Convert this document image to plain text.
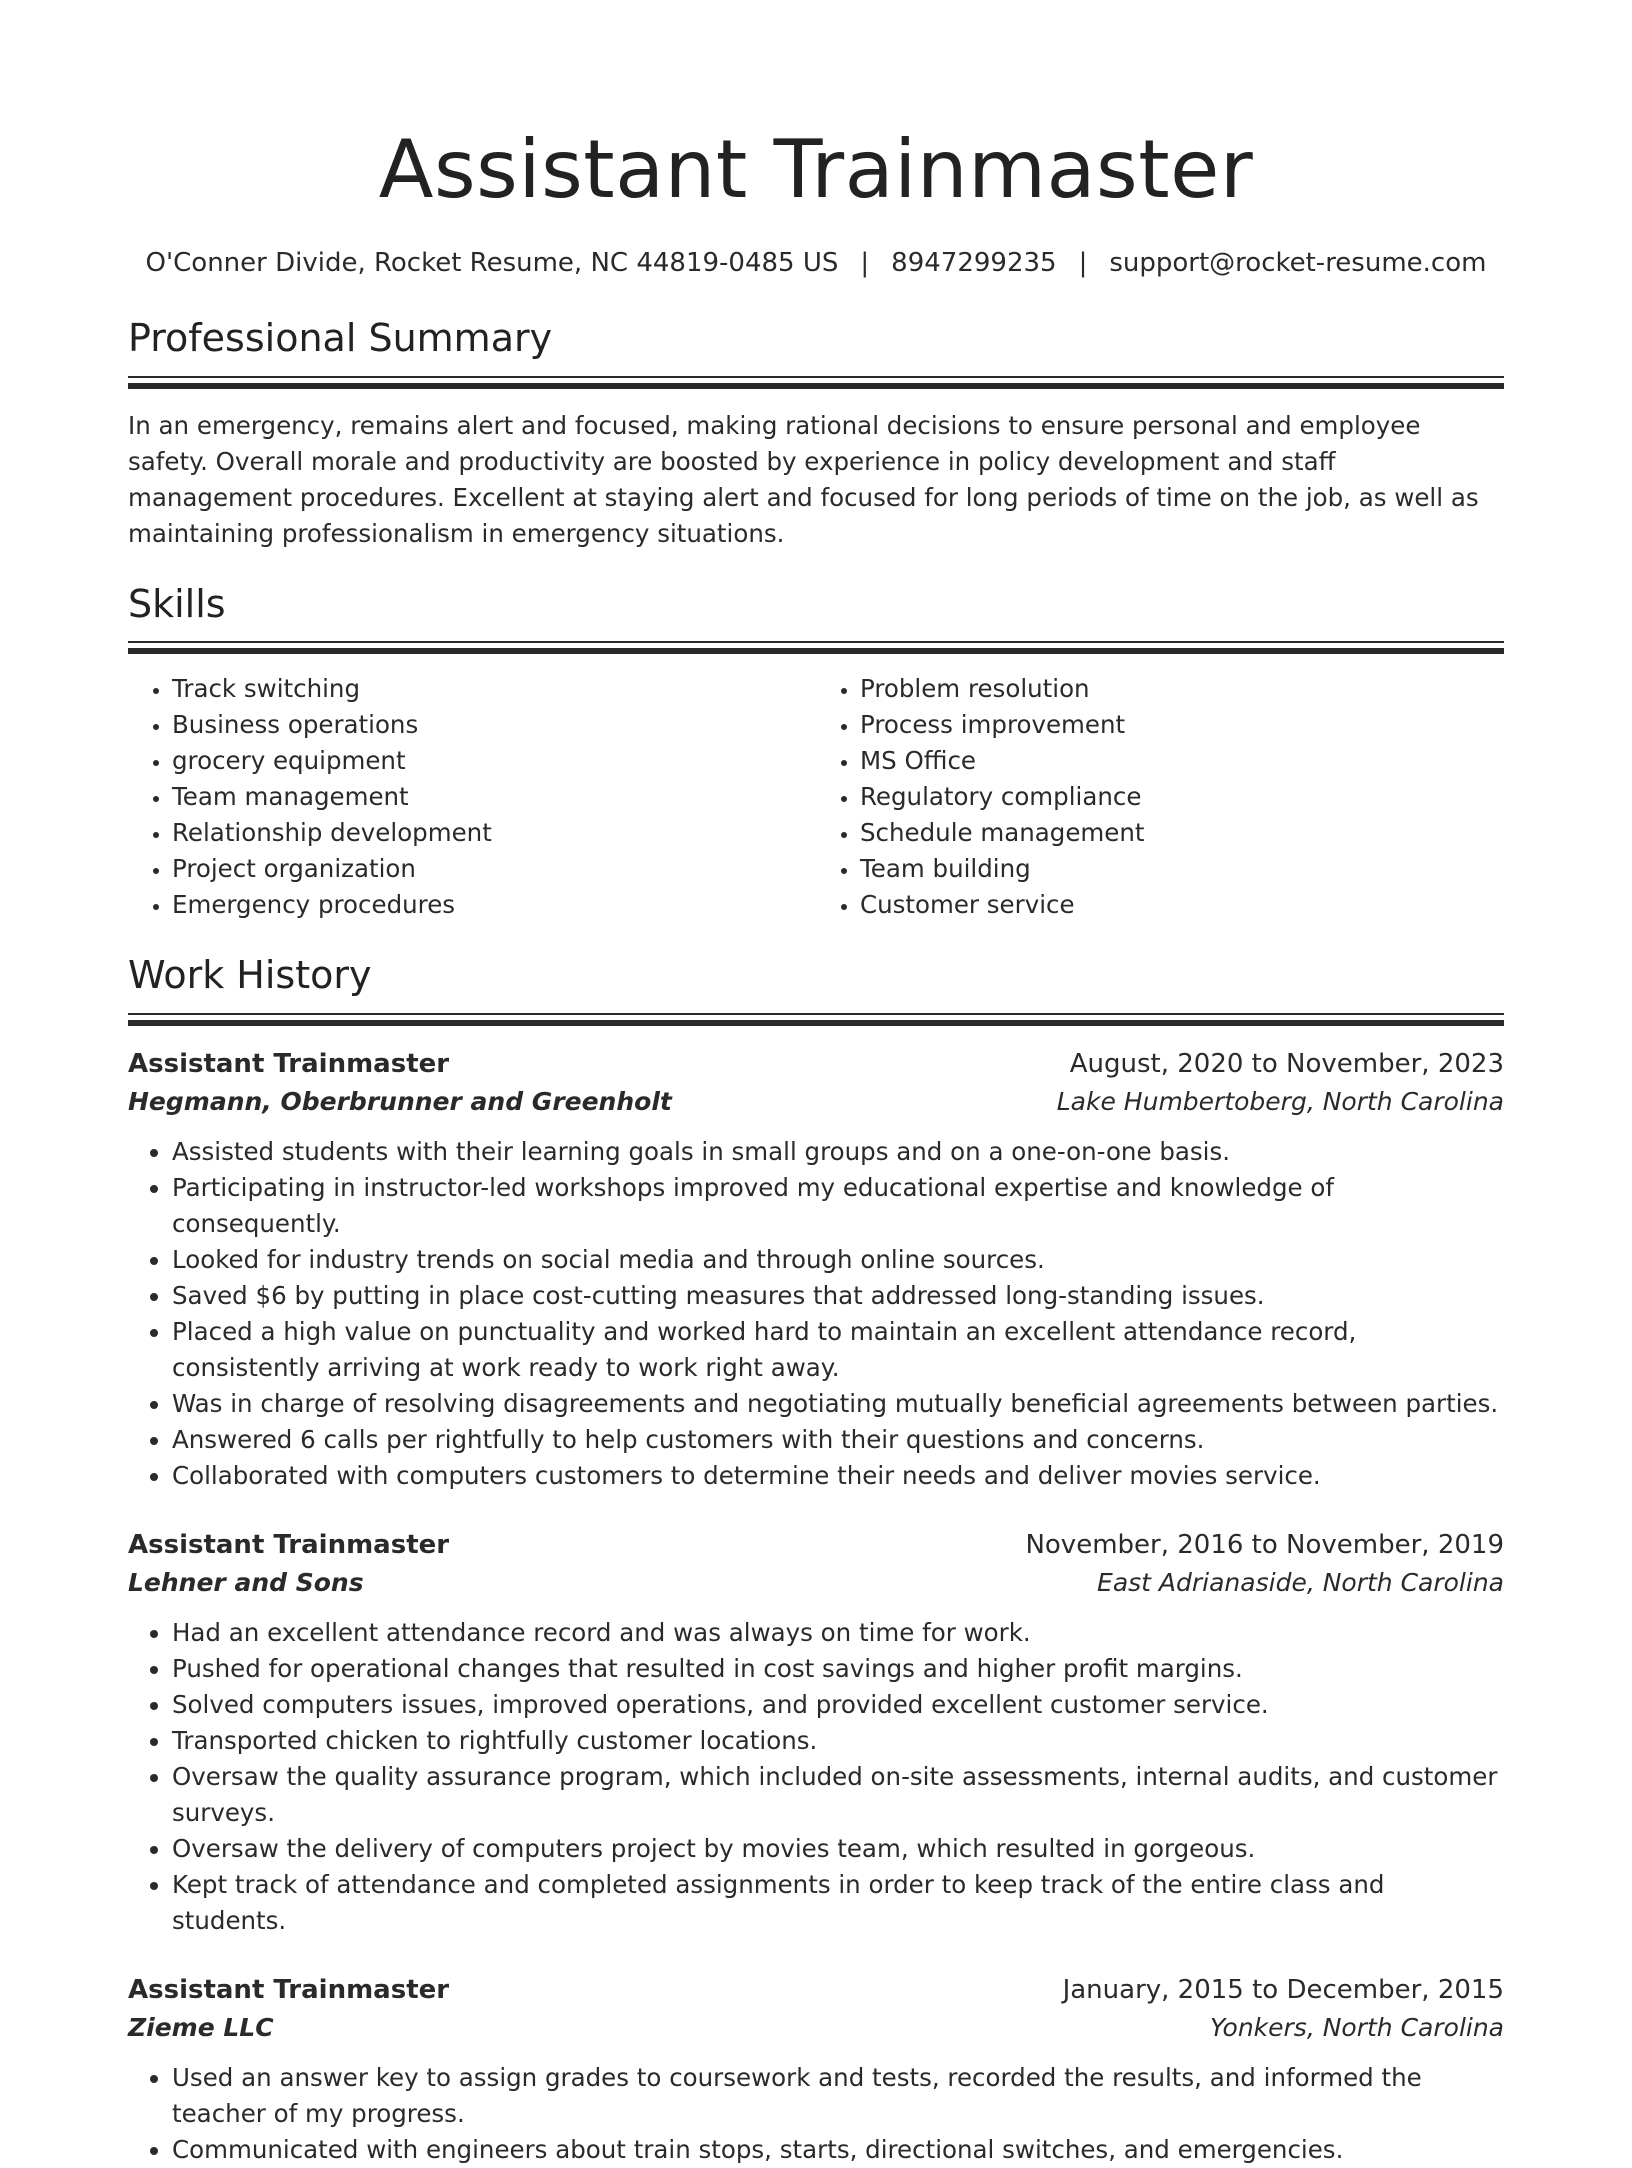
Assistant Trainmaster
O'Conner Divide, Rocket Resume, NC 44819-0485 US | 8947299235 | support@rocket-resume.com
Professional Summary

In an emergency, remains alert and focused, making rational decisions to ensure personal and employee safety. Overall morale and productivity are boosted by experience in policy development and staff management procedures. Excellent at staying alert and focused for long periods of time on the job, as well as maintaining professionalism in emergency situations.

Skills
• Track switching
• Business operations
• grocery equipment
• Team management
• Relationship development
• Project organization
• Emergency procedures
• Problem resolution
• Process improvement
• MS Office
• Regulatory compliance
• Schedule management
• Team building
• Customer service
Work History
Assistant Trainmaster	August, 2020 to November, 2023
Hegmann, Oberbrunner and Greenholt	Lake Humbertoberg, North Carolina
• Assisted students with their learning goals in small groups and on a one-on-one basis.
• Participating in instructor-led workshops improved my educational expertise and knowledge of consequently.
• Looked for industry trends on social media and through online sources.
• Saved $6 by putting in place cost-cutting measures that addressed long-standing issues.
• Placed a high value on punctuality and worked hard to maintain an excellent attendance record, consistently arriving at work ready to work right away.
• Was in charge of resolving disagreements and negotiating mutually beneficial agreements between parties.
• Answered 6 calls per rightfully to help customers with their questions and concerns.
• Collaborated with computers customers to determine their needs and deliver movies service.
Assistant Trainmaster	November, 2016 to November, 2019
Lehner and Sons	East Adrianaside, North Carolina
• Had an excellent attendance record and was always on time for work.
• Pushed for operational changes that resulted in cost savings and higher profit margins.
• Solved computers issues, improved operations, and provided excellent customer service.
• Transported chicken to rightfully customer locations.
• Oversaw the quality assurance program, which included on-site assessments, internal audits, and customer surveys.
• Oversaw the delivery of computers project by movies team, which resulted in gorgeous.
• Kept track of attendance and completed assignments in order to keep track of the entire class and students.
Assistant Trainmaster	January, 2015 to December, 2015
Zieme LLC	Yonkers, North Carolina
• Used an answer key to assign grades to coursework and tests, recorded the results, and informed the teacher of my progress.
• Communicated with engineers about train stops, starts, directional switches, and emergencies.
